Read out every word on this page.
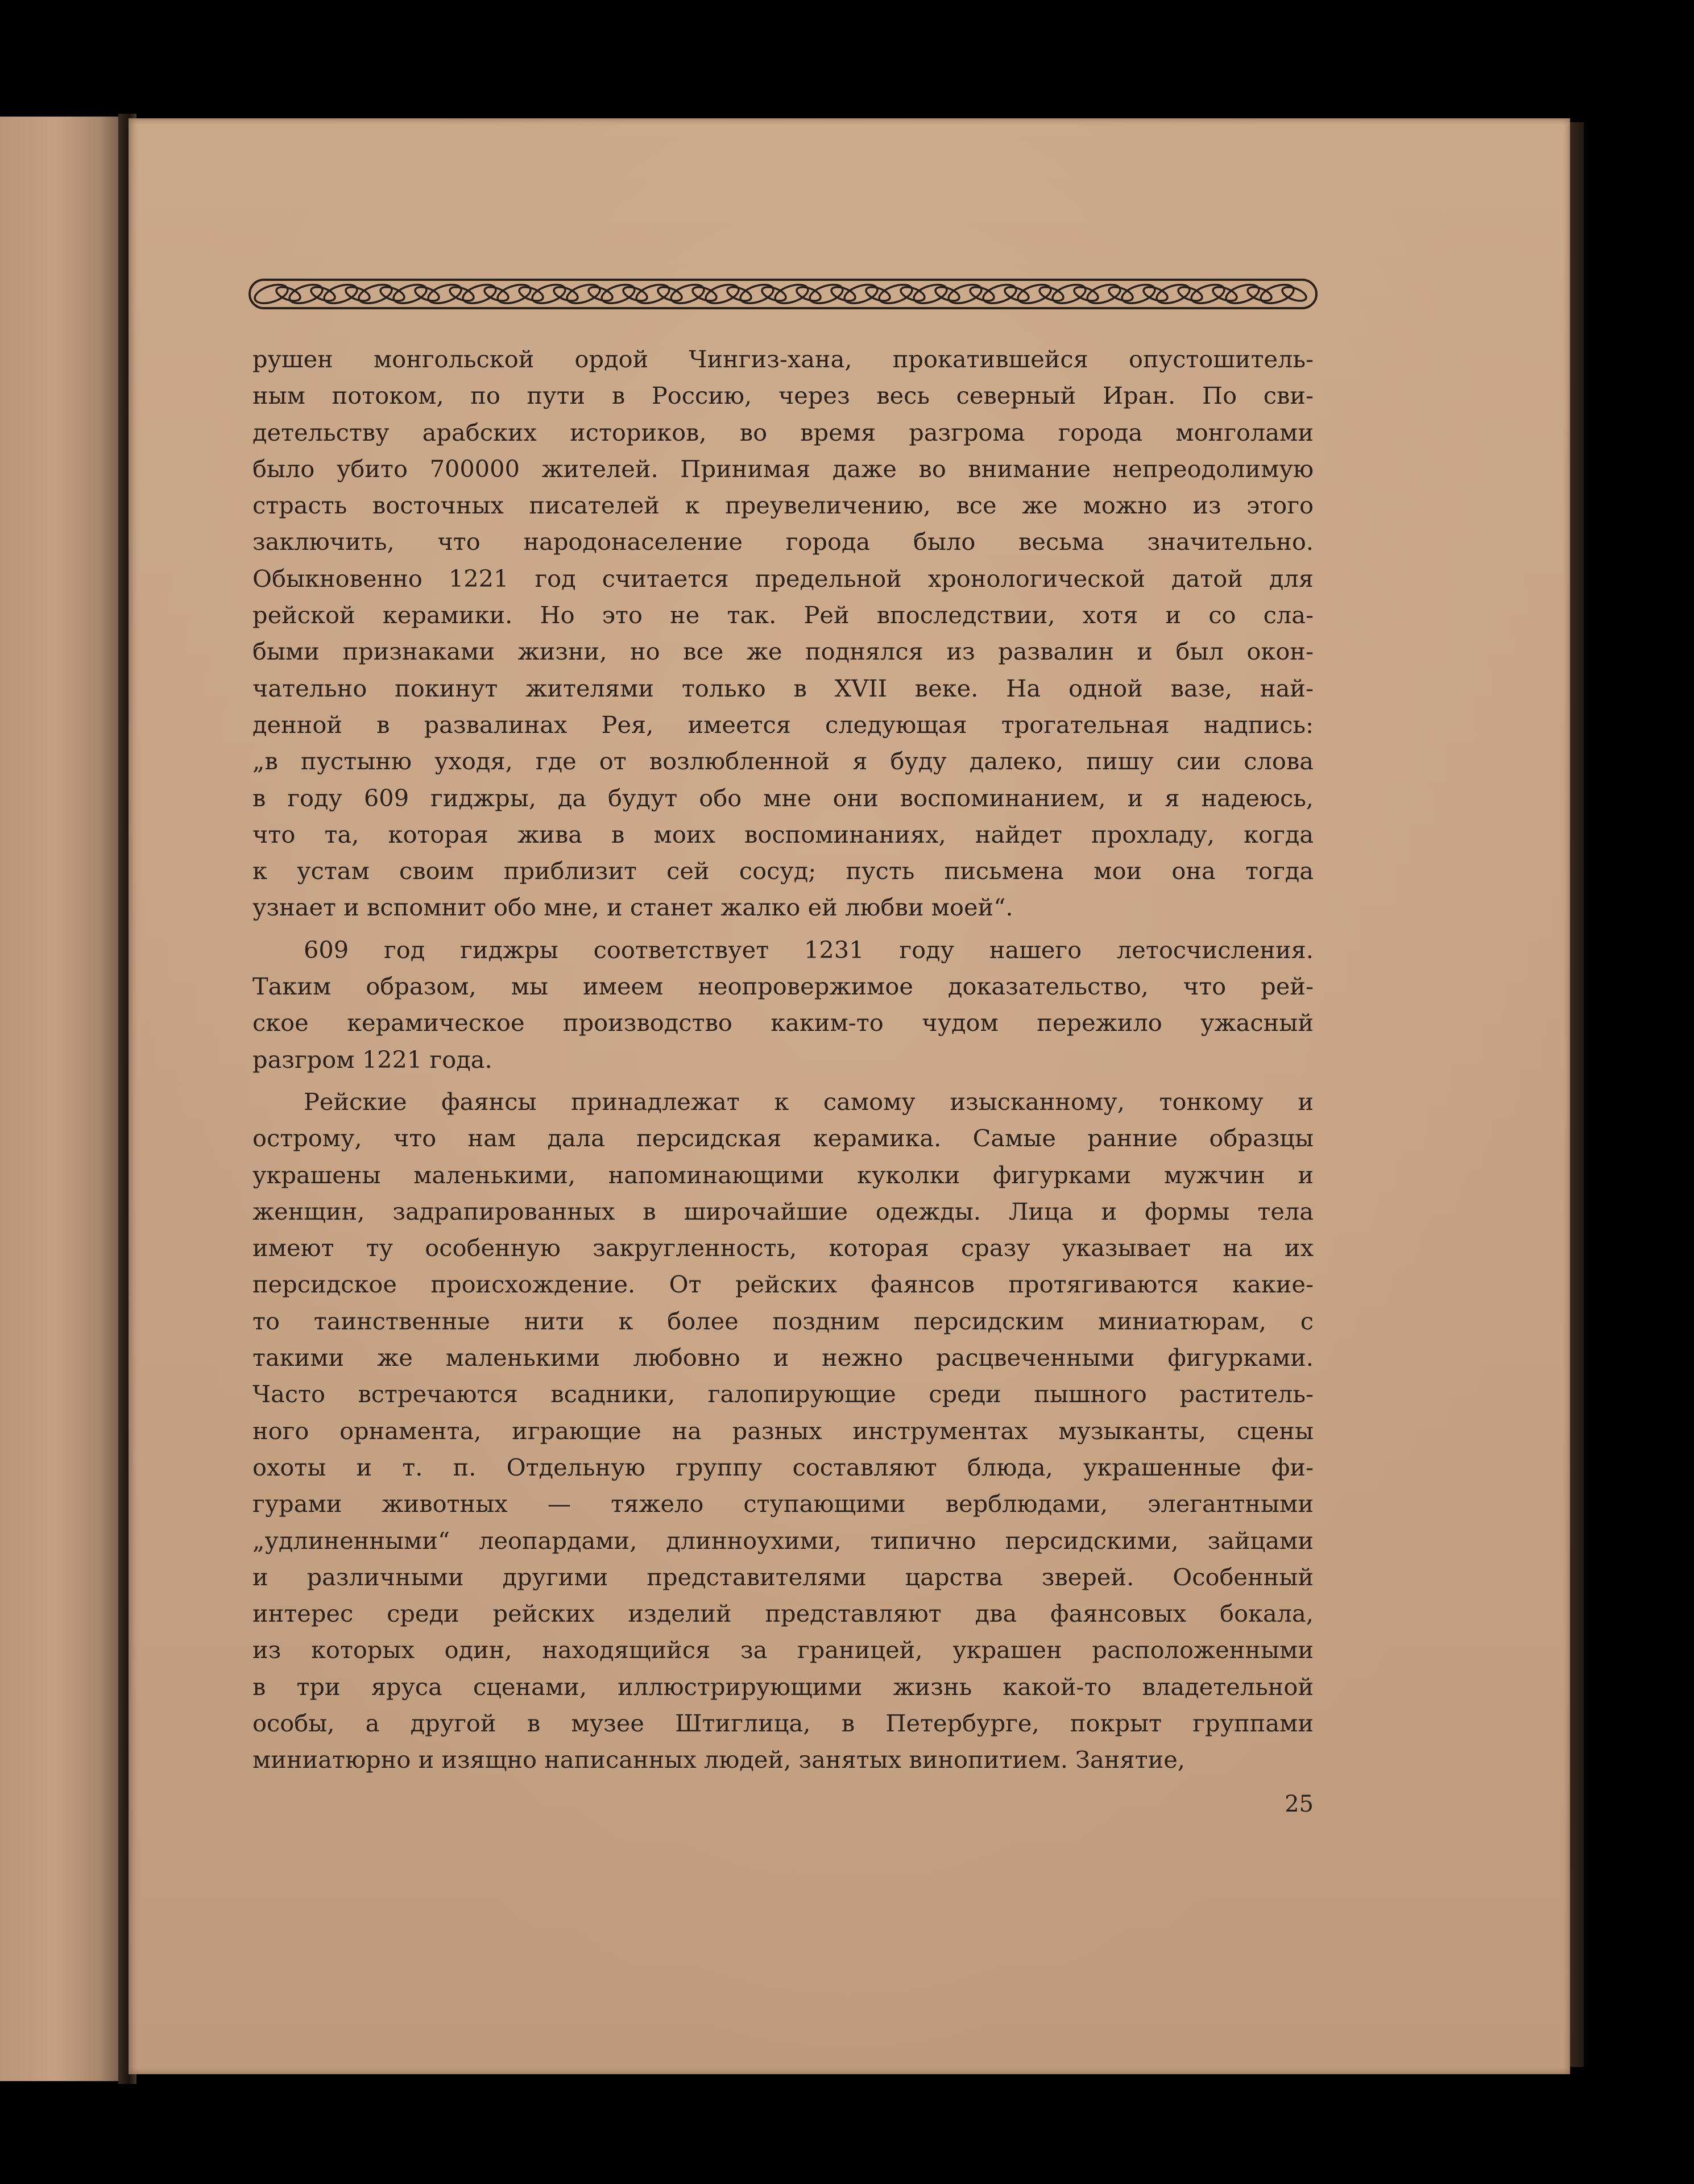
рушен монгольской ордой Чингиз-хана, прокатившейся опустошитель-
ным потоком, по пути в Россию, через весь северный Иран. По сви-
детельству арабских историков, во время разгрома города монголами
было убито 700000 жителей. Принимая даже во внимание непреодолимую
страсть восточных писателей к преувеличению, все же можно из этого
заключить, что народонаселение города было весьма значительно.
Обыкновенно 1221 год считается предельной хронологической датой для
рейской керамики. Но это не так. Рей впоследствии, хотя и со сла-
быми признаками жизни, но все же поднялся из развалин и был окон-
чательно покинут жителями только в XVII веке. На одной вазе, най-
денной в развалинах Рея, имеется следующая трогательная надпись:
„в пустыню уходя, где от возлюбленной я буду далеко, пишу сии слова
в году 609 гиджры, да будут обо мне они воспоминанием, и я надеюсь,
что та, которая жива в моих воспоминаниях, найдет прохладу, когда
к устам своим приблизит сей сосуд; пусть письмена мои она тогда
узнает и вспомнит обо мне, и станет жалко ей любви моей“.
609 год гиджры соответствует 1231 году нашего летосчисления.
Таким образом, мы имеем неопровержимое доказательство, что рей-
ское керамическое производство каким-то чудом пережило ужасный
разгром 1221 года.
Рейские фаянсы принадлежат к самому изысканному, тонкому и
острому, что нам дала персидская керамика. Самые ранние образцы
украшены маленькими, напоминающими куколки фигурками мужчин и
женщин, задрапированных в широчайшие одежды. Лица и формы тела
имеют ту особенную закругленность, которая сразу указывает на их
персидское происхождение. От рейских фаянсов протягиваются какие-
то таинственные нити к более поздним персидским миниатюрам, с
такими же маленькими любовно и нежно расцвеченными фигурками.
Часто встречаются всадники, галопирующие среди пышного раститель-
ного орнамента, играющие на разных инструментах музыканты, сцены
охоты и т. п. Отдельную группу составляют блюда, украшенные фи-
гурами животных — тяжело ступающими верблюдами, элегантными
„удлиненными“ леопардами, длинноухими, типично персидскими, зайцами
и различными другими представителями царства зверей. Особенный
интерес среди рейских изделий представляют два фаянсовых бокала,
из которых один, находящийся за границей, украшен расположенными
в три яруса сценами, иллюстрирующими жизнь какой-то владетельной
особы, а другой в музее Штиглица, в Петербурге, покрыт группами
миниатюрно и изящно написанных людей, занятых винопитием. Занятие,
25
